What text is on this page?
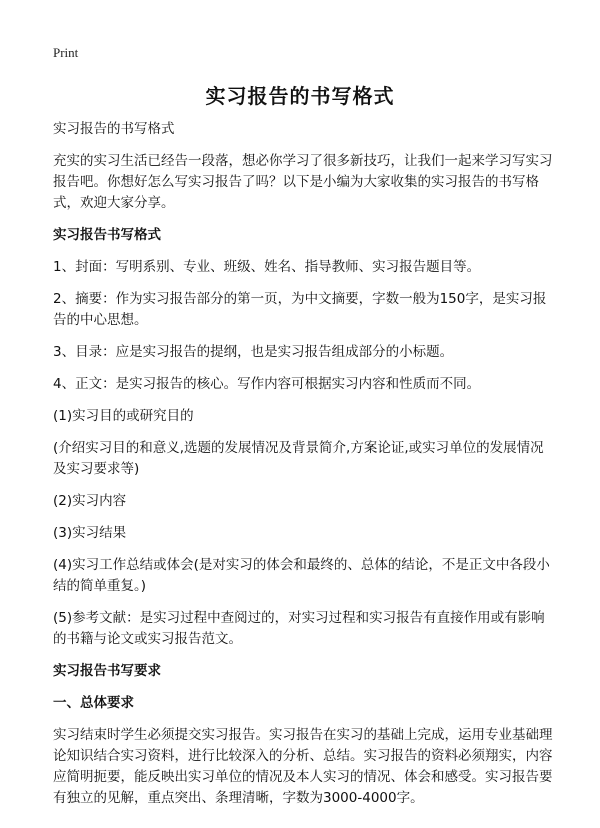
Print
实习报告的书写格式
实习报告的书写格式
充实的实习生活已经告一段落，想必你学习了很多新技巧，让我们一起来学习写实习报告吧。你想好怎么写实习报告了吗？以下是小编为大家收集的实习报告的书写格式，欢迎大家分享。
实习报告书写格式
1、封面：写明系别、专业、班级、姓名、指导教师、实习报告题目等。
2、摘要：作为实习报告部分的第一页，为中文摘要，字数一般为150字，是实习报告的中心思想。
3、目录：应是实习报告的提纲，也是实习报告组成部分的小标题。
4、正文：是实习报告的核心。写作内容可根据实习内容和性质而不同。
(1)实习目的或研究目的
(介绍实习目的和意义,选题的发展情况及背景简介,方案论证,或实习单位的发展情况及实习要求等)
(2)实习内容
(3)实习结果
(4)实习工作总结或体会(是对实习的体会和最终的、总体的结论，不是正文中各段小结的简单重复。)
(5)参考文献：是实习过程中查阅过的，对实习过程和实习报告有直接作用或有影响的书籍与论文或实习报告范文。
实习报告书写要求
一、总体要求
实习结束时学生必须提交实习报告。实习报告在实习的基础上完成，运用专业基础理论知识结合实习资料，进行比较深入的分析、总结。实习报告的资料必须翔实，内容应简明扼要，能反映出实习单位的情况及本人实习的情况、体会和感受。实习报告要有独立的见解，重点突出、条理清晰，字数为3000-4000字。
